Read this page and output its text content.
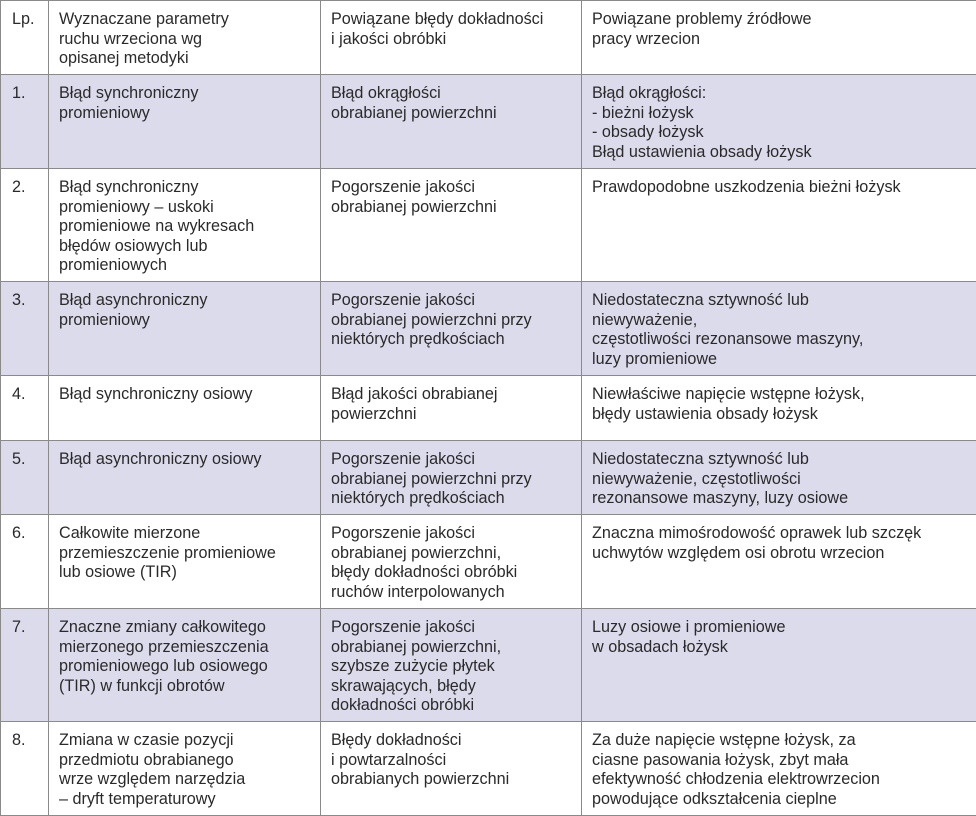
Lp.	Wyznaczane parametry
ruchu wrzeciona wg
opisanej metodyki	Powiązane błędy dokładności
i jakości obróbki	Powiązane problemy źródłowe
pracy wrzecion
1.	Błąd synchroniczny
promieniowy	Błąd okrągłości
obrabianej powierzchni	Błąd okrągłości:
- bieżni łożysk
- obsady łożysk
Błąd ustawienia obsady łożysk
2.	Błąd synchroniczny
promieniowy – uskoki
promieniowe na wykresach
błędów osiowych lub
promieniowych	Pogorszenie jakości
obrabianej powierzchni	Prawdopodobne uszkodzenia bieżni łożysk
3.	Błąd asynchroniczny
promieniowy	Pogorszenie jakości
obrabianej powierzchni przy
niektórych prędkościach	Niedostateczna sztywność lub
niewyważenie,
częstotliwości rezonansowe maszyny,
luzy promieniowe
4.	Błąd synchroniczny osiowy	Błąd jakości obrabianej
powierzchni	Niewłaściwe napięcie wstępne łożysk,
błędy ustawienia obsady łożysk
5.	Błąd asynchroniczny osiowy	Pogorszenie jakości
obrabianej powierzchni przy
niektórych prędkościach	Niedostateczna sztywność lub
niewyważenie, częstotliwości
rezonansowe maszyny, luzy osiowe
6.	Całkowite mierzone
przemieszczenie promieniowe
lub osiowe (TIR)	Pogorszenie jakości
obrabianej powierzchni,
błędy dokładności obróbki
ruchów interpolowanych	Znaczna mimośrodowość oprawek lub szczęk
uchwytów względem osi obrotu wrzecion
7.	Znaczne zmiany całkowitego
mierzonego przemieszczenia
promieniowego lub osiowego
(TIR) w funkcji obrotów	Pogorszenie jakości
obrabianej powierzchni,
szybsze zużycie płytek
skrawających, błędy
dokładności obróbki	Luzy osiowe i promieniowe
w obsadach łożysk
8.	Zmiana w czasie pozycji
przedmiotu obrabianego
wrze względem narzędzia
– dryft temperaturowy	Błędy dokładności
i powtarzalności
obrabianych powierzchni	Za duże napięcie wstępne łożysk, za
ciasne pasowania łożysk, zbyt mała
efektywność chłodzenia elektrowrzecion
powodujące odkształcenia cieplne
